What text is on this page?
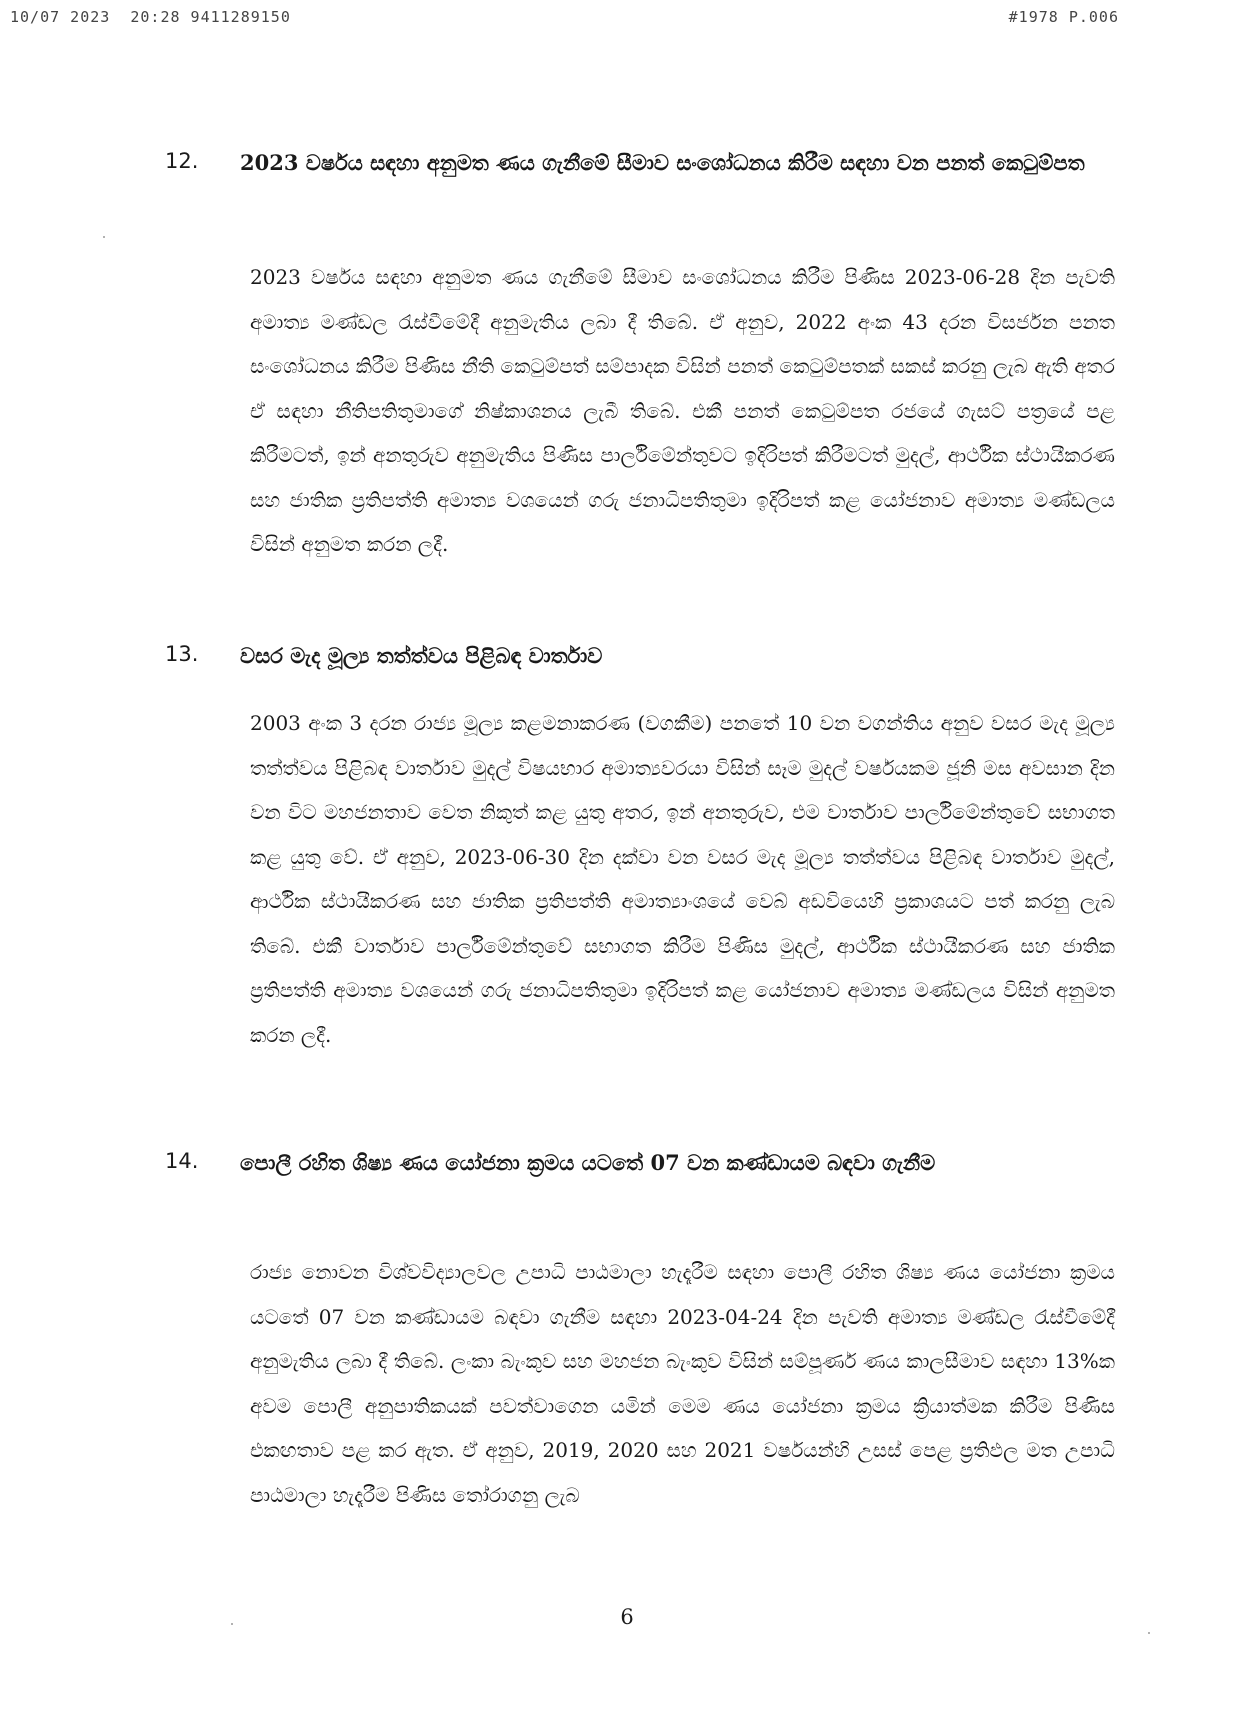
10/07 2023  20:28 9411289150	#1978 P.006
12. 2023 වර්ෂය සඳහා අනුමත ණය ගැනීමේ සීමාව සංශෝධනය කිරීම සඳහා වන පනත් කෙටුම්පත
2023 වර්ෂය සඳහා අනුමත ණය ගැනීමේ සීමාව සංශෝධනය කිරීම පිණිස 2023-06-28 දින පැවති අමාත්‍ය මණ්ඩල රැස්වීමේදී අනුමැතිය ලබා දී තිබේ. ඒ අනුව, 2022 අංක 43 දරන විසර්ජන පනත සංශෝධනය කිරීම පිණිස නීති කෙටුම්පත් සම්පාදක විසින් පනත් කෙටුම්පතක් සකස් කරනු ලැබ ඇති අතර ඒ සඳහා නීතිපතිතුමාගේ නිෂ්කාශනය ලැබී තිබේ. එකී පනත් කෙටුම්පත රජයේ ගැසට් පත්‍රයේ පළ කිරීමටත්, ඉන් අනතුරුව අනුමැතිය පිණිස පාර්ලිමේන්තුවට ඉදිරිපත් කිරීමටත් මුදල්, ආර්ථික ස්ථායීකරණ සහ ජාතික ප්‍රතිපත්ති අමාත්‍ය වශයෙන් ගරු ජනාධිපතිතුමා ඉදිරිපත් කළ යෝජනාව අමාත්‍ය මණ්ඩලය විසින් අනුමත කරන ලදී.
13. වසර මැද මූල්‍ය තත්ත්වය පිළිබඳ වාර්තාව
2003 අංක 3 දරන රාජ්‍ය මූල්‍ය කළමනාකරණ (වගකීම) පනතේ 10 වන වගන්තිය අනුව වසර මැද මූල්‍ය තත්ත්වය පිළිබඳ වාර්තාව මුදල් විෂයභාර අමාත්‍යවරයා විසින් සෑම මුදල් වර්ෂයකම ජූනි මස අවසාන දින වන විට මහජනතාව වෙත නිකුත් කළ යුතු අතර, ඉන් අනතුරුව, එම වාර්තාව පාර්ලිමේන්තුවේ සභාගත කළ යුතු වේ. ඒ අනුව, 2023-06-30 දින දක්වා වන වසර මැද මූල්‍ය තත්ත්වය පිළිබඳ වාර්තාව මුදල්, ආර්ථික ස්ථායීකරණ සහ ජාතික ප්‍රතිපත්ති අමාත්‍යාංශයේ වෙබ් අඩවියෙහි ප්‍රකාශයට පත් කරනු ලැබ තිබේ. එකී වාර්තාව පාර්ලිමේන්තුවේ සභාගත කිරීම පිණිස මුදල්, ආර්ථික ස්ථායීකරණ සහ ජාතික ප්‍රතිපත්ති අමාත්‍ය වශයෙන් ගරු ජනාධිපතිතුමා ඉදිරිපත් කළ යෝජනාව අමාත්‍ය මණ්ඩලය විසින් අනුමත කරන ලදී.
14. පොලී රහිත ශිෂ්‍ය ණය යෝජනා ක්‍රමය යටතේ 07 වන කණ්ඩායම බඳවා ගැනීම
රාජ්‍ය නොවන විශ්වවිද්‍යාලවල උපාධි පාඨමාලා හැදෑරීම සඳහා පොලී රහිත ශිෂ්‍ය ණය යෝජනා ක්‍රමය යටතේ 07 වන කණ්ඩායම බඳවා ගැනීම සඳහා 2023-04-24 දින පැවති අමාත්‍ය මණ්ඩල රැස්වීමේදී අනුමැතිය ලබා දී තිබේ. ලංකා බැංකුව සහ මහජන බැංකුව විසින් සම්පූර්ණ ණය කාලසීමාව සඳහා 13%ක අවම පොලී අනුපාතිකයක් පවත්වාගෙන යමින් මෙම ණය යෝජනා ක්‍රමය ක්‍රියාත්මක කිරීම පිණිස එකඟතාව පළ කර ඇත. ඒ අනුව, 2019, 2020 සහ 2021 වර්ෂයන්හි උසස් පෙළ ප්‍රතිඵල මත උපාධි පාඨමාලා හැදෑරීම පිණිස තෝරාගනු ලැබ
6
